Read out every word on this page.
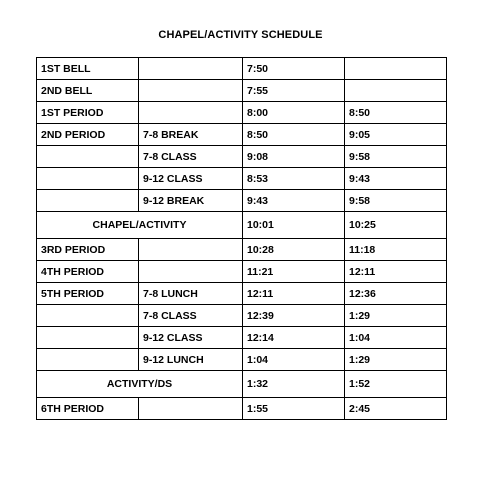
CHAPEL/ACTIVITY SCHEDULE
1ST BELL		7:50	
2ND BELL		7:55	
1ST PERIOD		8:00	8:50
2ND PERIOD	7-8 BREAK	8:50	9:05
	7-8 CLASS	9:08	9:58
	9-12 CLASS	8:53	9:43
	9-12 BREAK	9:43	9:58
CHAPEL/ACTIVITY		10:01	10:25
3RD PERIOD		10:28	11:18
4TH PERIOD		11:21	12:11
5TH PERIOD	7-8 LUNCH	12:11	12:36
	7-8 CLASS	12:39	1:29
	9-12 CLASS	12:14	1:04
	9-12 LUNCH	1:04	1:29
ACTIVITY/DS		1:32	1:52
6TH PERIOD		1:55	2:45
